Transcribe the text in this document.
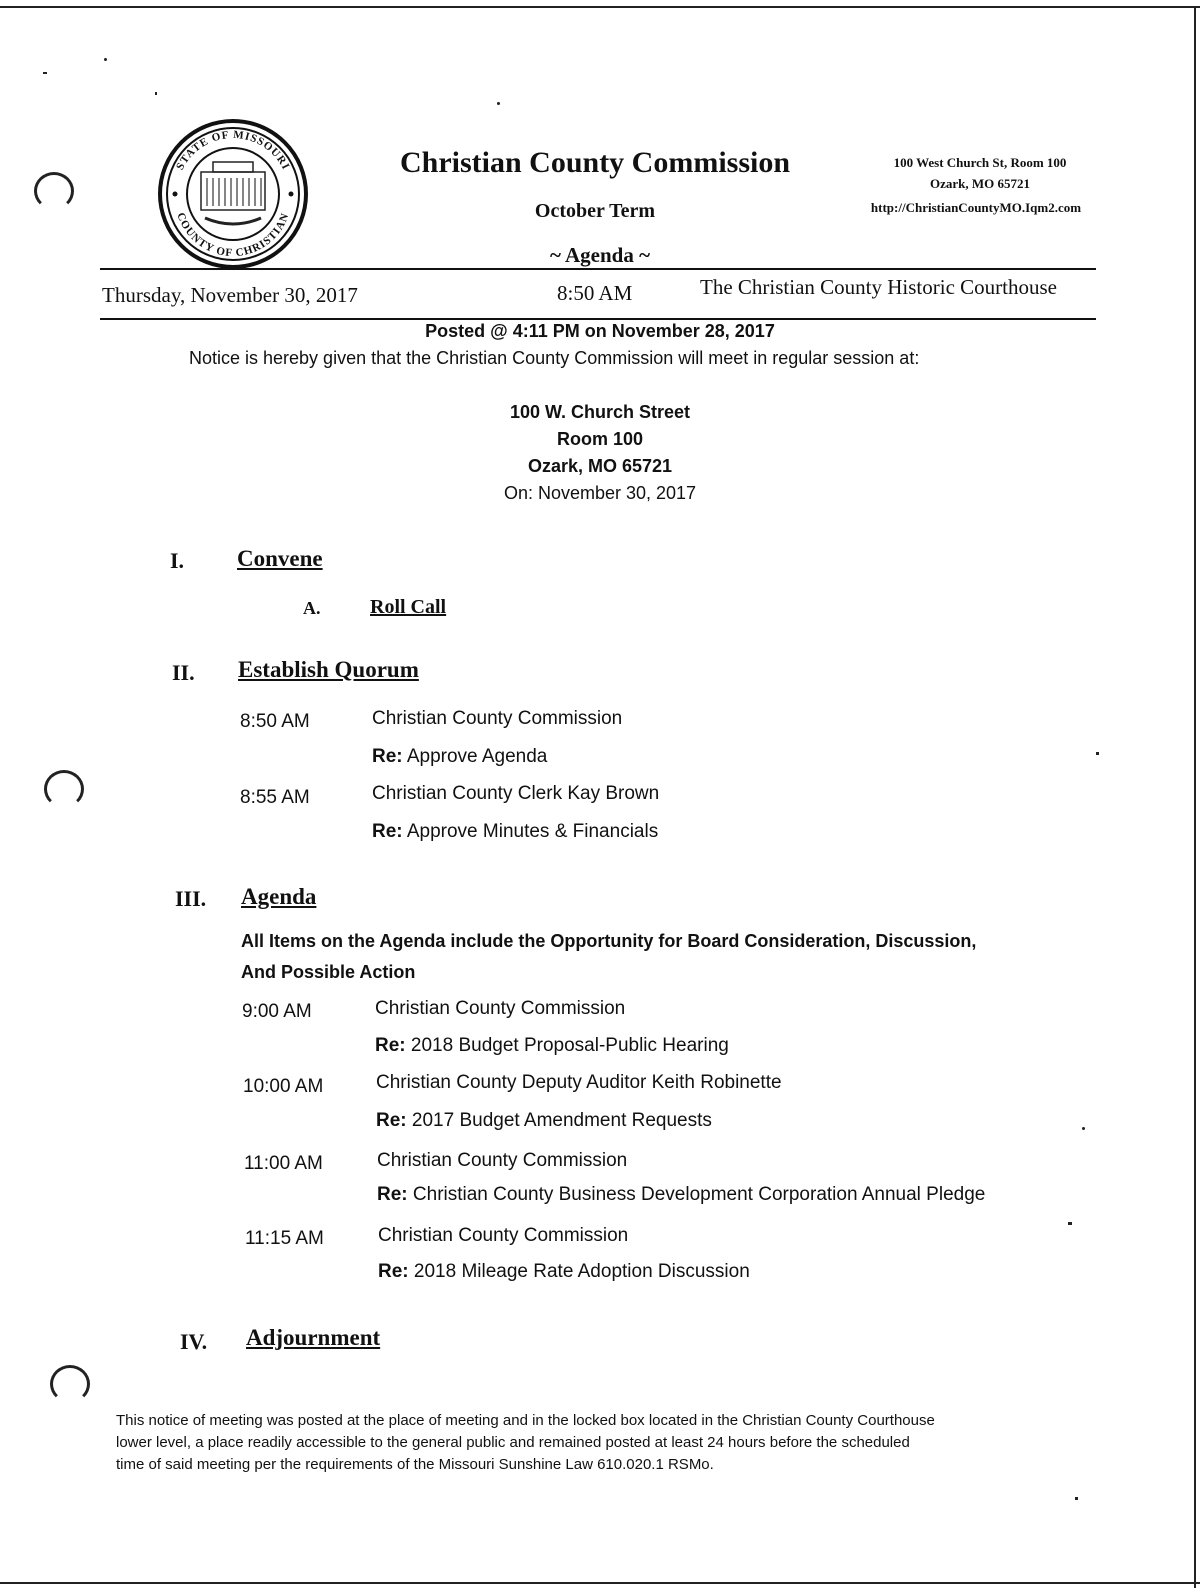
STATE OF MISSOURI
COUNTY OF CHRISTIAN
Christian County Commission
October Term
~ Agenda ~
100 West Church St, Room 100
Ozark, MO 65721
http://ChristianCountyMO.Iqm2.com
Thursday, November 30, 2017	8:50 AM	The Christian County Historic Courthouse
Posted @ 4:11 PM on November 28, 2017
Notice is hereby given that the Christian County Commission will meet in regular session at:
100 W. Church Street
Room 100
Ozark, MO 65721
On: November 30, 2017
I. Convene
A. Roll Call
II. Establish Quorum
8:50 AM	Christian County Commission
Re: Approve Agenda
8:55 AM	Christian County Clerk Kay Brown
Re: Approve Minutes & Financials
III. Agenda
All Items on the Agenda include the Opportunity for Board Consideration, Discussion,
And Possible Action
9:00 AM	Christian County Commission
Re: 2018 Budget Proposal-Public Hearing
10:00 AM	Christian County Deputy Auditor Keith Robinette
Re: 2017 Budget Amendment Requests
11:00 AM	Christian County Commission
Re: Christian County Business Development Corporation Annual Pledge
11:15 AM	Christian County Commission
Re: 2018 Mileage Rate Adoption Discussion
IV. Adjournment
This notice of meeting was posted at the place of meeting and in the locked box located in the Christian County Courthouse
lower level, a place readily accessible to the general public and remained posted at least 24 hours before the scheduled
time of said meeting per the requirements of the Missouri Sunshine Law 610.020.1 RSMo.
